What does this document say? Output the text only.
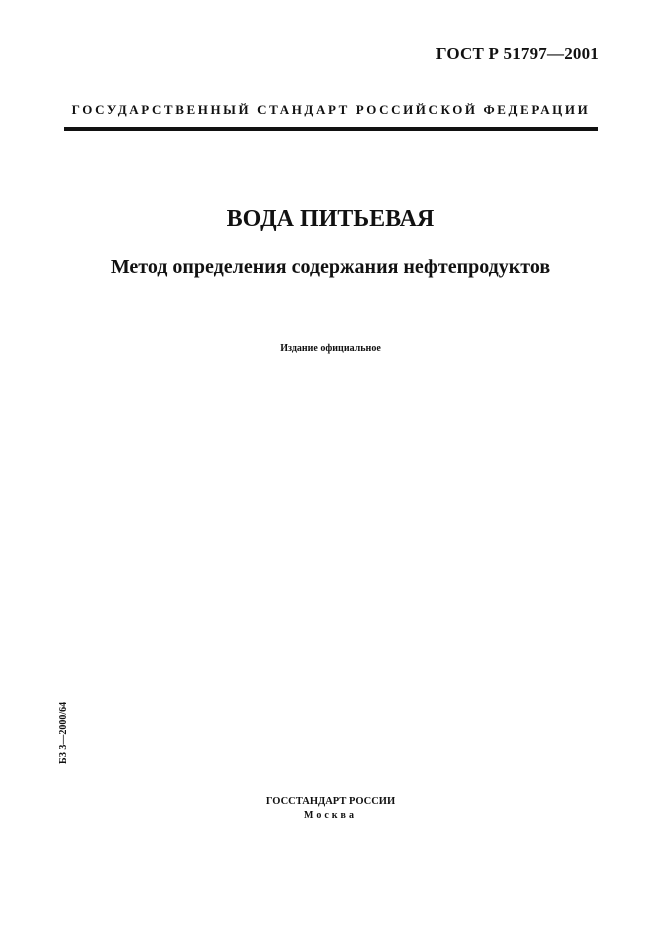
ГОСТ Р 51797—2001
ГОСУДАРСТВЕННЫЙ СТАНДАРТ РОССИЙСКОЙ ФЕДЕРАЦИИ
ВОДА ПИТЬЕВАЯ
Метод определения содержания нефтепродуктов
Издание официальное
БЗ 3—2000/64
ГОССТАНДАРТ РОССИИ
Москва
